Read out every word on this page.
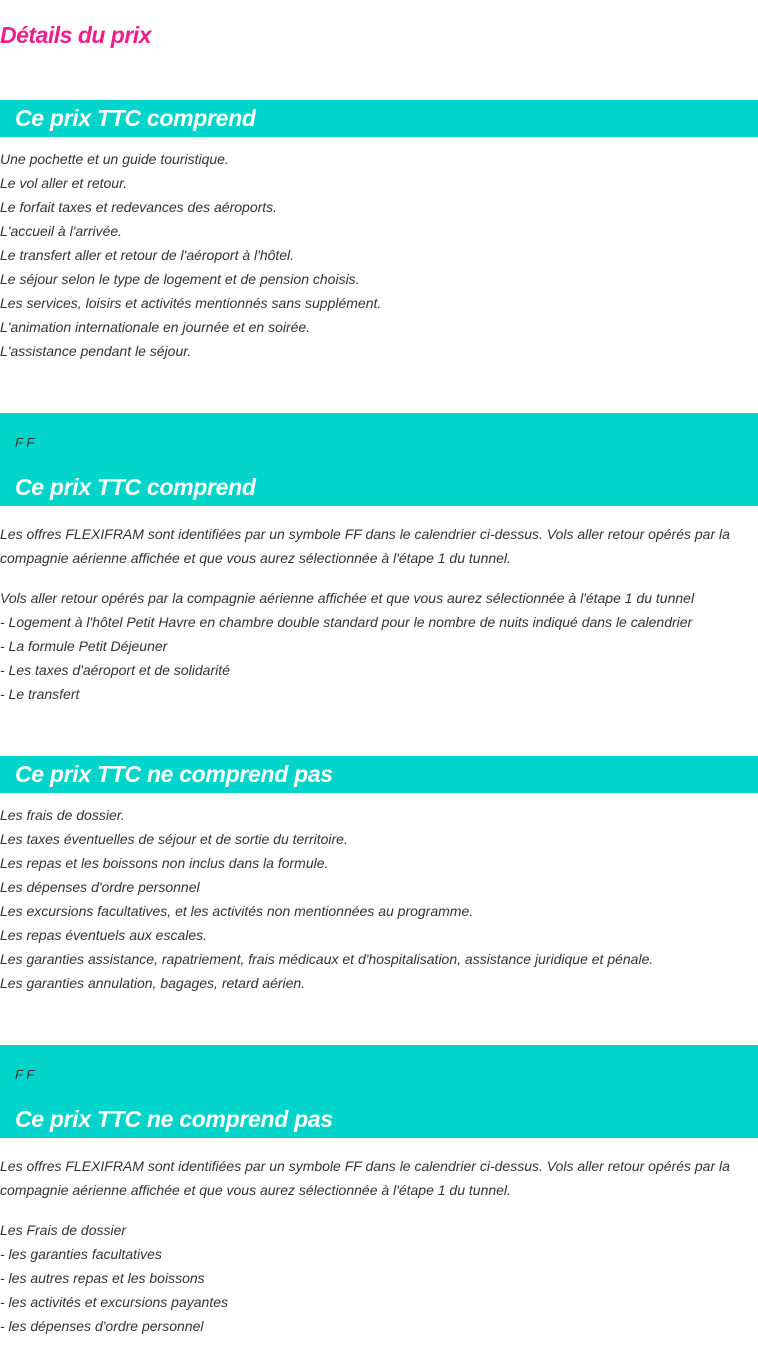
Détails du prix
Ce prix TTC comprend
Une pochette et un guide touristique.
Le vol aller et retour.
Le forfait taxes et redevances des aéroports.
L'accueil à l'arrivée.
Le transfert aller et retour de l'aéroport à l'hôtel.
Le séjour selon le type de logement et de pension choisis.
Les services, loisirs et activités mentionnés sans supplément.
L'animation internationale en journée et en soirée.
L'assistance pendant le séjour.
F F
Ce prix TTC comprend

Les offres FLEXIFRAM sont identifiées par un symbole FF dans le calendrier ci-dessus. Vols aller retour opérés par la compagnie aérienne affichée et que vous aurez sélectionnée à l'étape 1 du tunnel.

Vols aller retour opérés par la compagnie aérienne affichée et que vous aurez sélectionnée à l'étape 1 du tunnel
- Logement à l'hôtel Petit Havre en chambre double standard pour le nombre de nuits indiqué dans le calendrier
- La formule Petit Déjeuner
- Les taxes d'aéroport et de solidarité
- Le transfert
Ce prix TTC ne comprend pas
Les frais de dossier.
Les taxes éventuelles de séjour et de sortie du territoire.
Les repas et les boissons non inclus dans la formule.
Les dépenses d'ordre personnel
Les excursions facultatives, et les activités non mentionnées au programme.
Les repas éventuels aux escales.
Les garanties assistance, rapatriement, frais médicaux et d'hospitalisation, assistance juridique et pénale.
Les garanties annulation, bagages, retard aérien.
F F
Ce prix TTC ne comprend pas

Les offres FLEXIFRAM sont identifiées par un symbole FF dans le calendrier ci-dessus. Vols aller retour opérés par la compagnie aérienne affichée et que vous aurez sélectionnée à l'étape 1 du tunnel.

Les Frais de dossier
- les garanties facultatives
- les autres repas et les boissons
- les activités et excursions payantes
- les dépenses d'ordre personnel
